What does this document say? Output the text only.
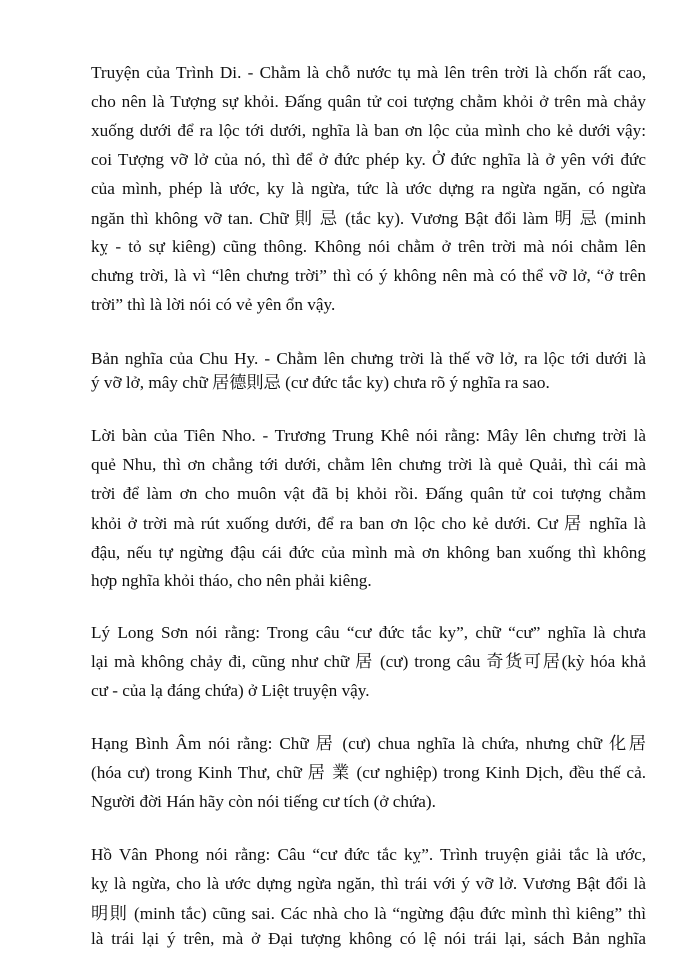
Truyện của Trình Di. - Chằm là chỗ nước tụ mà lên trên trời là chốn rất cao,
cho nên là Tượng sự khỏi. Đấng quân tử coi tượng chằm khỏi ở trên mà chảy
xuống dưới để ra lộc tới dưới, nghĩa là ban ơn lộc của mình cho kẻ dưới vậy:
coi Tượng vỡ lở của nó, thì để ở đức phép ky. Ở đức nghĩa là ở yên với đức
của mình, phép là ước, ky là ngừa, tức là ước dựng ra ngừa ngăn, có ngừa
ngăn thì không vỡ tan. Chữ 則 忌 (tắc ky). Vương Bật đổi làm 明 忌 (minh
kỵ - tỏ sự kiêng) cũng thông. Không nói chằm ở trên trời mà nói chằm lên
chưng trời, là vì “lên chưng trời” thì có ý không nên mà có thể vỡ lở, “ở trên
trời” thì là lời nói có vẻ yên ổn vậy.
Bản nghĩa của Chu Hy. - Chằm lên chưng trời là thế vỡ lở, ra lộc tới dưới là
ý vỡ lở, mây chữ 居德則忌 (cư đức tắc ky) chưa rõ ý nghĩa ra sao.
Lời bàn của Tiên Nho. - Trương Trung Khê nói rằng: Mây lên chưng trời là
quẻ Nhu, thì ơn chẳng tới dưới, chằm lên chưng trời là quẻ Quải, thì cái mà
trời để làm ơn cho muôn vật đã bị khỏi rồi. Đấng quân tử coi tượng chằm
khỏi ở trời mà rút xuống dưới, để ra ban ơn lộc cho kẻ dưới. Cư 居 nghĩa là
đậu, nếu tự ngừng đậu cái đức của mình mà ơn không ban xuống thì không
hợp nghĩa khỏi tháo, cho nên phải kiêng.
Lý Long Sơn nói rằng: Trong câu “cư đức tắc ky”, chữ “cư” nghĩa là chưa
lại mà không chảy đi, cũng như chữ 居 (cư) trong câu 奇货可居(kỳ hóa khả
cư - của lạ đáng chứa) ở Liệt truyện vậy.
Hạng Bình Âm nói rằng: Chữ 居 (cư) chua nghĩa là chứa, nhưng chữ 化居
(hóa cư) trong Kinh Thư, chữ 居 業 (cư nghiệp) trong Kinh Dịch, đều thế cả.
Người đời Hán hãy còn nói tiếng cư tích (ở chứa).
Hồ Vân Phong nói rằng: Câu “cư đức tắc kỵ”. Trình truyện giải tắc là ước,
kỵ là ngừa, cho là ước dựng ngừa ngăn, thì trái với ý vỡ lở. Vương Bật đổi là
明則 (minh tắc) cũng sai. Các nhà cho là “ngừng đậu đức mình thì kiêng” thì
là trái lại ý trên, mà ở Đại tượng không có lệ nói trái lại, sách Bản nghĩa
